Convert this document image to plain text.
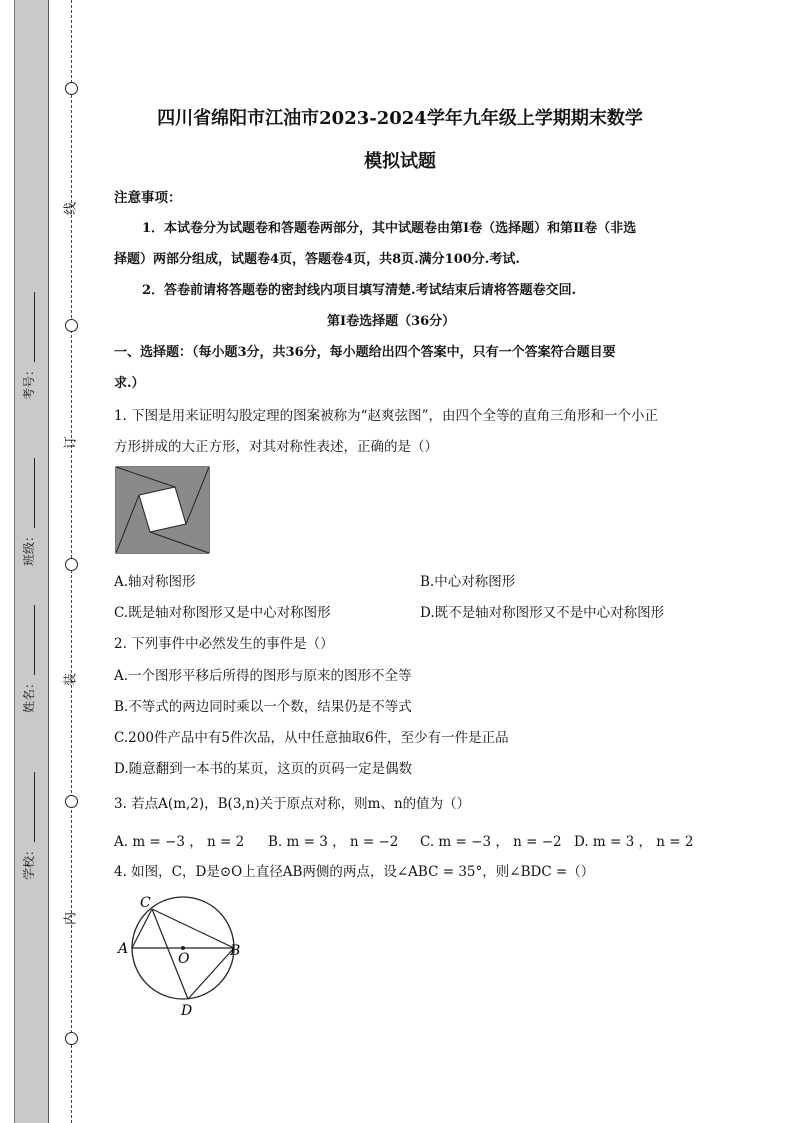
线
订
装
内
考号：
班级：
姓名：
学校：
四川省绵阳市江油市2023-2024学年九年级上学期期末数学
模拟试题
注意事项：
1．本试卷分为试题卷和答题卷两部分，其中试题卷由第Ⅰ卷（选择题）和第Ⅱ卷（非选
择题）两部分组成，试题卷4页，答题卷4页，共8页.满分100分.考试.
2．答卷前请将答题卷的密封线内项目填写清楚.考试结束后请将答题卷交回.
第Ⅰ卷选择题（36分）
一、选择题：（每小题3分，共36分，每小题给出四个答案中，只有一个答案符合题目要
求.）
1. 下图是用来证明勾股定理的图案被称为“赵爽弦图”，由四个全等的直角三角形和一个小正
方形拼成的大正方形，对其对称性表述，正确的是（）
A.轴对称图形	B.中心对称图形
C.既是轴对称图形又是中心对称图形	D.既不是轴对称图形又不是中心对称图形
2. 下列事件中必然发生的事件是（）
A.一个图形平移后所得的图形与原来的图形不全等
B.不等式的两边同时乘以一个数，结果仍是不等式
C.200件产品中有5件次品，从中任意抽取6件，至少有一件是正品
D.随意翻到一本书的某页，这页的页码一定是偶数
3. 若点A(m,2)，B(3,n)关于原点对称，则m、n的值为（）
A. m = −3 ， n = 2 B. m = 3 ， n = −2 C. m = −3 ， n = −2 D. m = 3 ， n = 2
4. 如图，C，D是⊙O上直径AB两侧的两点，设∠ABC = 35°，则∠BDC =（）
C
A
O	B
D
